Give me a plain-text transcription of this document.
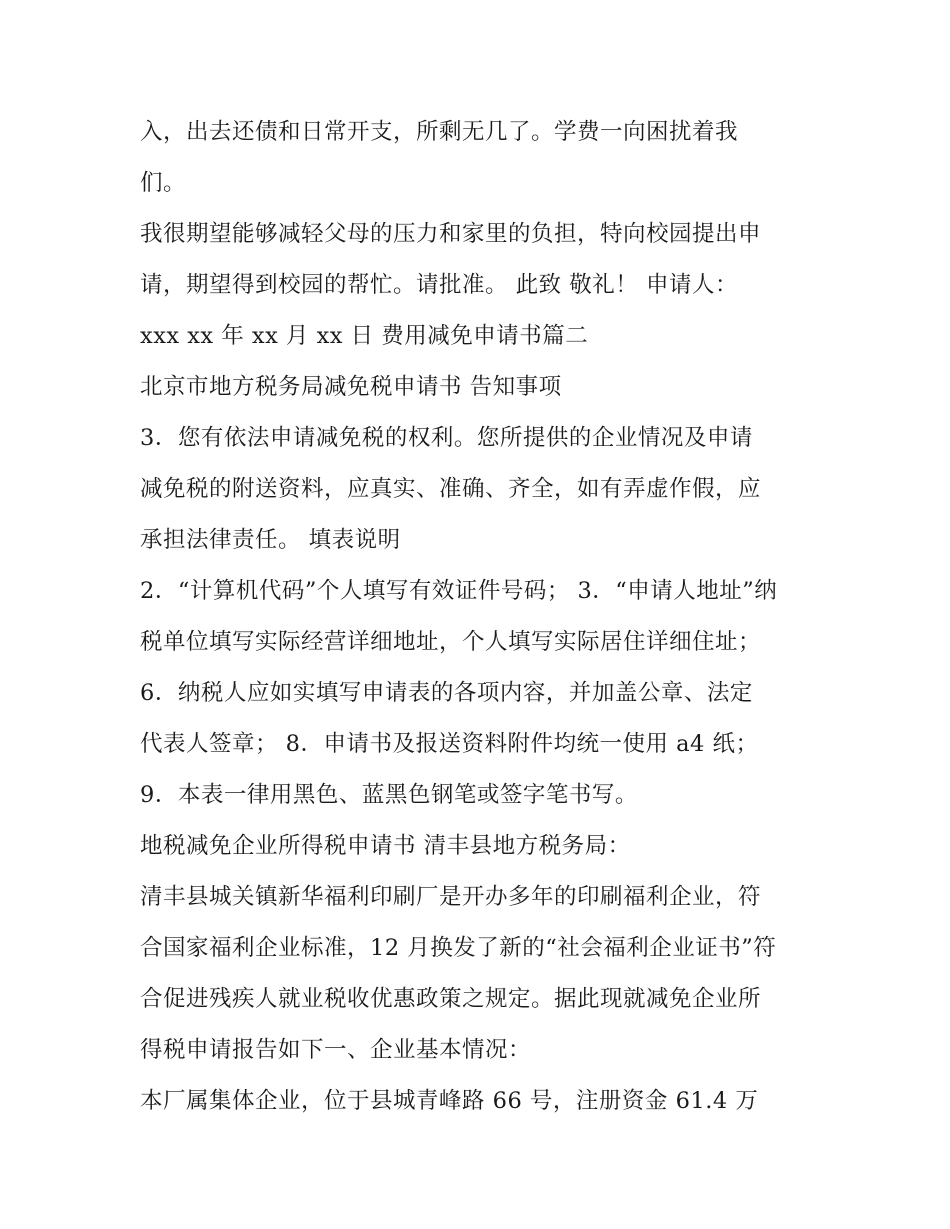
入，出去还债和日常开支，所剩无几了。学费一向困扰着我
们。
我很期望能够减轻父母的压力和家里的负担，特向校园提出申
请，期望得到校园的帮忙。请批准。 此致 敬礼！ 申请人：
xxx xx 年 xx 月 xx 日 费用减免申请书篇二
北京市地方税务局减免税申请书 告知事项
3．您有依法申请减免税的权利。您所提供的企业情况及申请
减免税的附送资料，应真实、准确、齐全，如有弄虚作假，应
承担法律责任。 填表说明
2．“计算机代码”个人填写有效证件号码； 3．“申请人地址”纳
税单位填写实际经营详细地址，个人填写实际居住详细住址；
6．纳税人应如实填写申请表的各项内容，并加盖公章、法定
代表人签章； 8．申请书及报送资料附件均统一使用 a4 纸；
9．本表一律用黑色、蓝黑色钢笔或签字笔书写。
地税减免企业所得税申请书 清丰县地方税务局：
清丰县城关镇新华福利印刷厂是开办多年的印刷福利企业，符
合国家福利企业标准，12 月换发了新的“社会福利企业证书”符
合促进残疾人就业税收优惠政策之规定。据此现就减免企业所
得税申请报告如下一、企业基本情况：
本厂属集体企业，位于县城青峰路 66 号，注册资金 61.4 万
